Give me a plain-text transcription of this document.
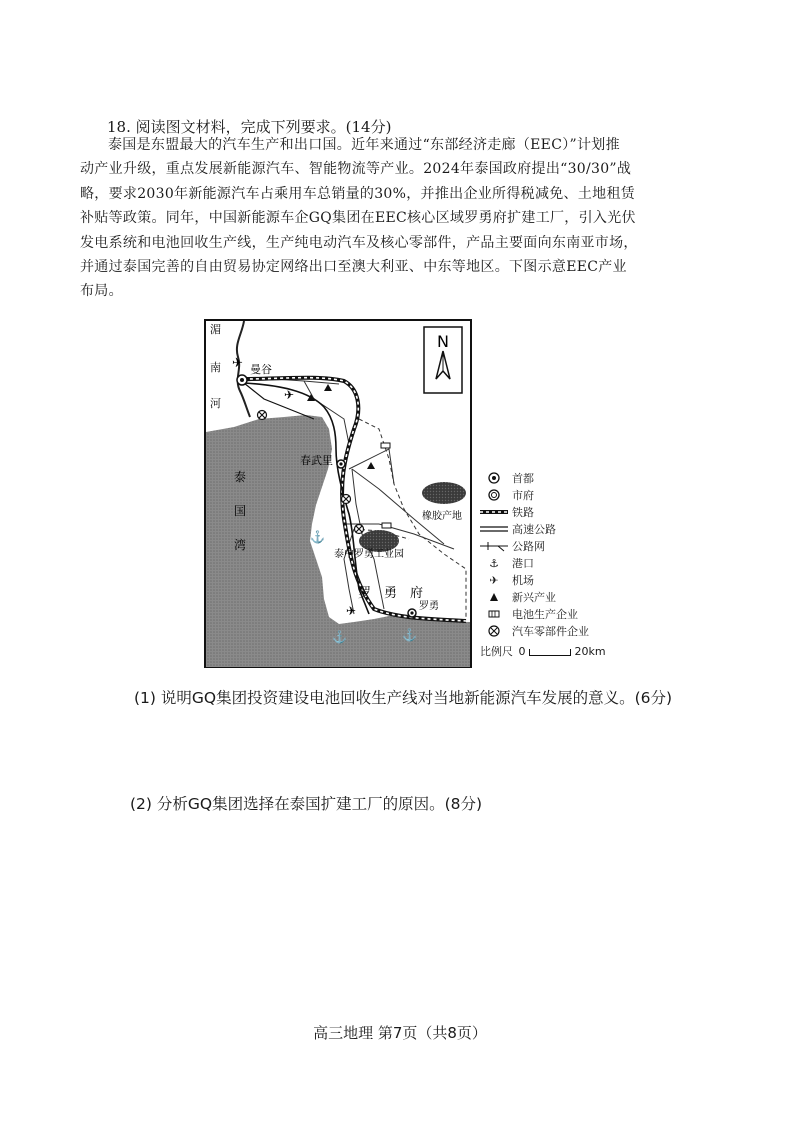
18. 阅读图文材料，完成下列要求。(14分)
泰国是东盟最大的汽车生产和出口国。近年来通过“东部经济走廊（EEC）”计划推
动产业升级，重点发展新能源汽车、智能物流等产业。2024年泰国政府提出“30/30”战
略，要求2030年新能源汽车占乘用车总销量的30%，并推出企业所得税减免、土地租赁
补贴等政策。同年，中国新能源车企GQ集团在EEC核心区域罗勇府扩建工厂，引入光伏
发电系统和电池回收生产线，生产纯电动汽车及核心零部件，产品主要面向东南亚市场，
并通过泰国完善的自由贸易协定网络出口至澳大利亚、中东等地区。下图示意EEC产业
布局。
N
湄
南
河
曼谷
✈
✈
春武里
泰
国
湾
⚓
⚓	⚓
✈
橡胶产地
泰中罗勇工业园
罗　勇　府
罗勇
首都
市府
铁路
高速公路
公路网
⚓	港口
✈	机场
新兴产业
电池生产企业
汽车零部件企业
比例尺 0	20km
(1) 说明GQ集团投资建设电池回收生产线对当地新能源汽车发展的意义。(6分)
(2) 分析GQ集团选择在泰国扩建工厂的原因。(8分)
高三地理 第7页（共8页）
